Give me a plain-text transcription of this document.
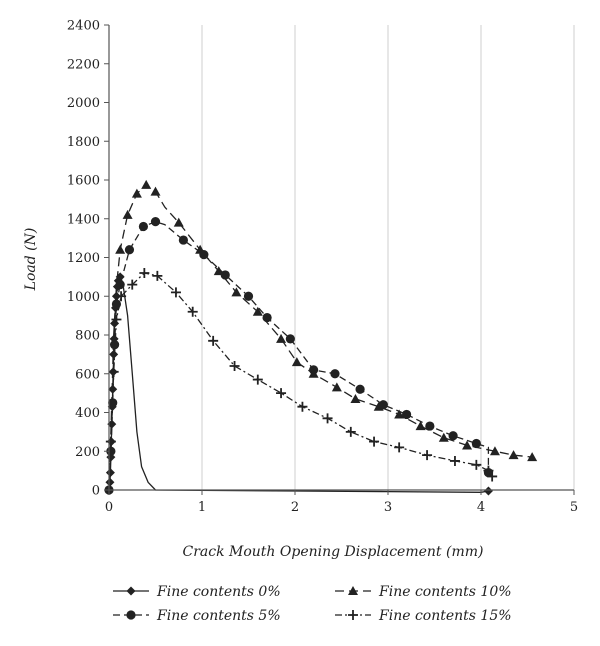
0
200
400
600
800
1000
1200
1400
1600
1800
2000
2200
2400
0	1	2	3	4	5
Crack Mouth Opening Displacement (mm)
Load (N)
Fine contents 0%	Fine contents 10%
Fine contents 5%	Fine contents 15%
